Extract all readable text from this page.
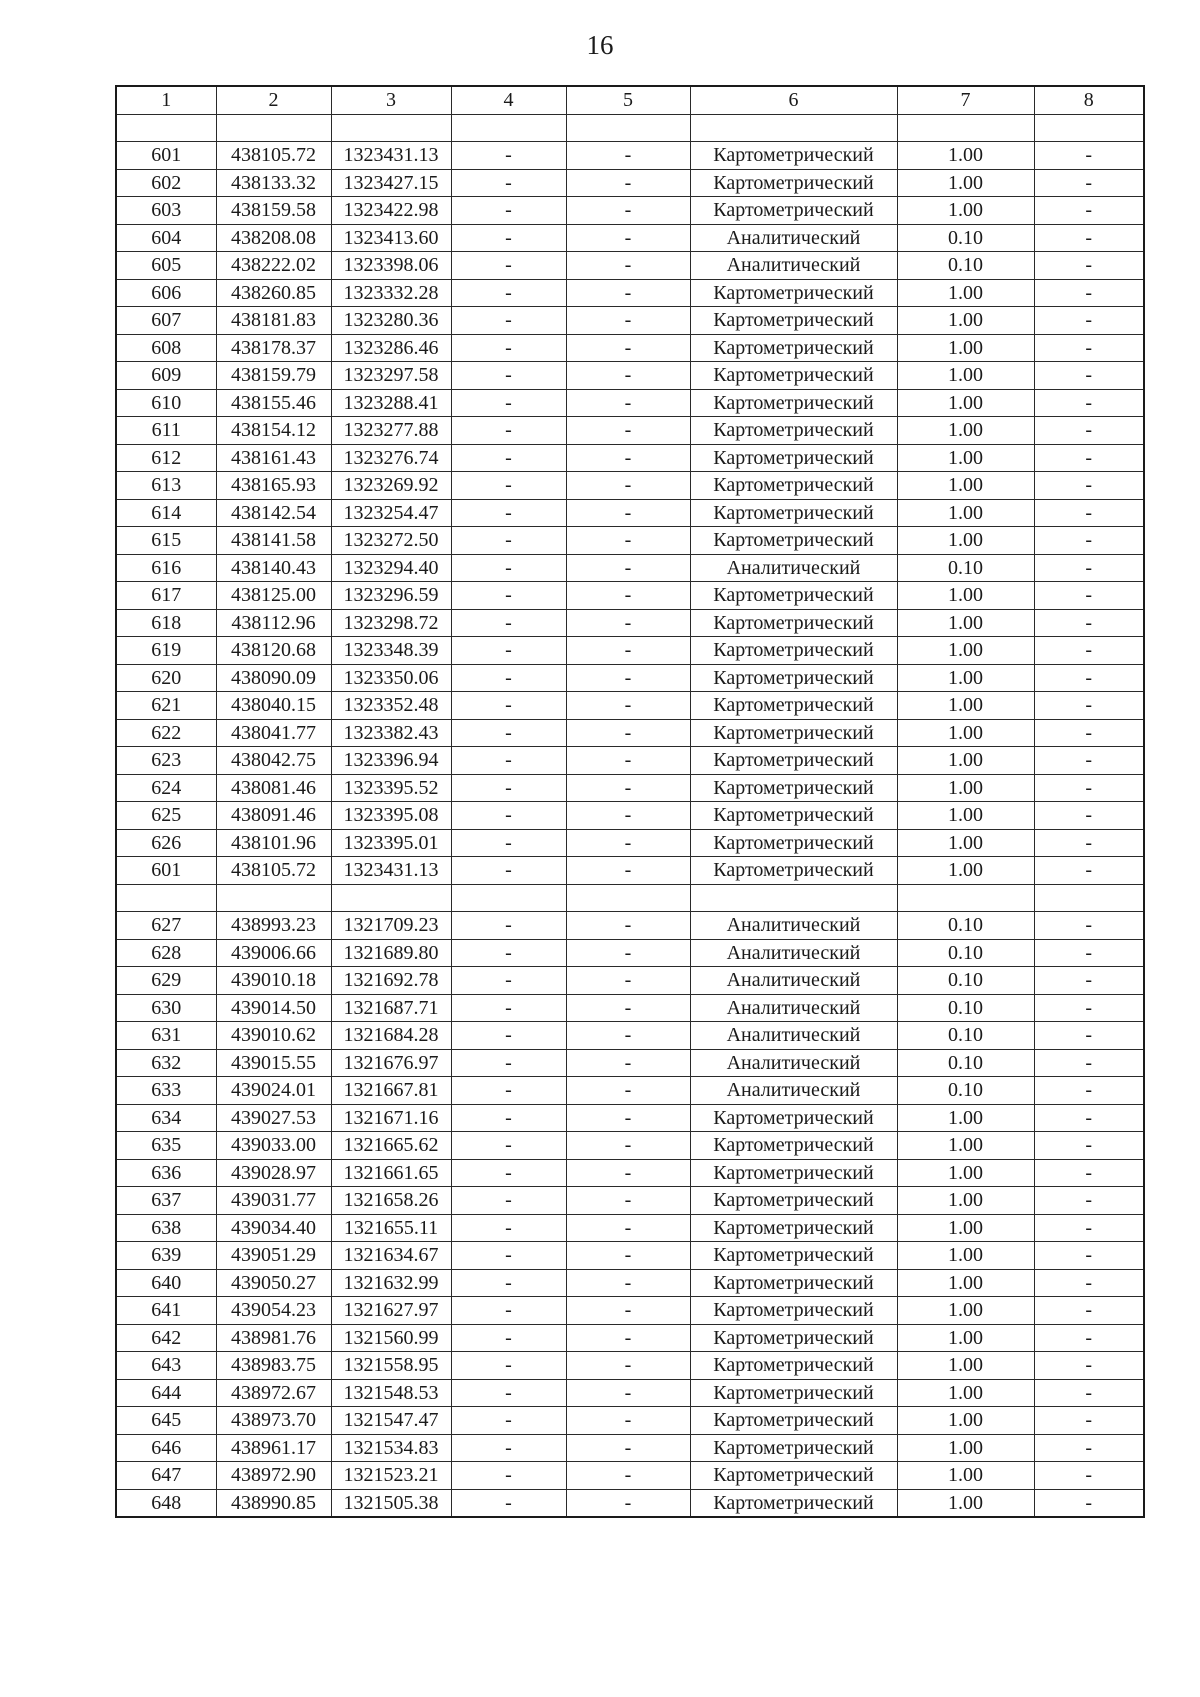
16
1	2	3	4	5	6	7	8

601	438105.72	1323431.13	-	-	Картометрический	1.00	-
602	438133.32	1323427.15	-	-	Картометрический	1.00	-
603	438159.58	1323422.98	-	-	Картометрический	1.00	-
604	438208.08	1323413.60	-	-	Аналитический	0.10	-
605	438222.02	1323398.06	-	-	Аналитический	0.10	-
606	438260.85	1323332.28	-	-	Картометрический	1.00	-
607	438181.83	1323280.36	-	-	Картометрический	1.00	-
608	438178.37	1323286.46	-	-	Картометрический	1.00	-
609	438159.79	1323297.58	-	-	Картометрический	1.00	-
610	438155.46	1323288.41	-	-	Картометрический	1.00	-
611	438154.12	1323277.88	-	-	Картометрический	1.00	-
612	438161.43	1323276.74	-	-	Картометрический	1.00	-
613	438165.93	1323269.92	-	-	Картометрический	1.00	-
614	438142.54	1323254.47	-	-	Картометрический	1.00	-
615	438141.58	1323272.50	-	-	Картометрический	1.00	-
616	438140.43	1323294.40	-	-	Аналитический	0.10	-
617	438125.00	1323296.59	-	-	Картометрический	1.00	-
618	438112.96	1323298.72	-	-	Картометрический	1.00	-
619	438120.68	1323348.39	-	-	Картометрический	1.00	-
620	438090.09	1323350.06	-	-	Картометрический	1.00	-
621	438040.15	1323352.48	-	-	Картометрический	1.00	-
622	438041.77	1323382.43	-	-	Картометрический	1.00	-
623	438042.75	1323396.94	-	-	Картометрический	1.00	-
624	438081.46	1323395.52	-	-	Картометрический	1.00	-
625	438091.46	1323395.08	-	-	Картометрический	1.00	-
626	438101.96	1323395.01	-	-	Картометрический	1.00	-
601	438105.72	1323431.13	-	-	Картометрический	1.00	-

627	438993.23	1321709.23	-	-	Аналитический	0.10	-
628	439006.66	1321689.80	-	-	Аналитический	0.10	-
629	439010.18	1321692.78	-	-	Аналитический	0.10	-
630	439014.50	1321687.71	-	-	Аналитический	0.10	-
631	439010.62	1321684.28	-	-	Аналитический	0.10	-
632	439015.55	1321676.97	-	-	Аналитический	0.10	-
633	439024.01	1321667.81	-	-	Аналитический	0.10	-
634	439027.53	1321671.16	-	-	Картометрический	1.00	-
635	439033.00	1321665.62	-	-	Картометрический	1.00	-
636	439028.97	1321661.65	-	-	Картометрический	1.00	-
637	439031.77	1321658.26	-	-	Картометрический	1.00	-
638	439034.40	1321655.11	-	-	Картометрический	1.00	-
639	439051.29	1321634.67	-	-	Картометрический	1.00	-
640	439050.27	1321632.99	-	-	Картометрический	1.00	-
641	439054.23	1321627.97	-	-	Картометрический	1.00	-
642	438981.76	1321560.99	-	-	Картометрический	1.00	-
643	438983.75	1321558.95	-	-	Картометрический	1.00	-
644	438972.67	1321548.53	-	-	Картометрический	1.00	-
645	438973.70	1321547.47	-	-	Картометрический	1.00	-
646	438961.17	1321534.83	-	-	Картометрический	1.00	-
647	438972.90	1321523.21	-	-	Картометрический	1.00	-
648	438990.85	1321505.38	-	-	Картометрический	1.00	-
